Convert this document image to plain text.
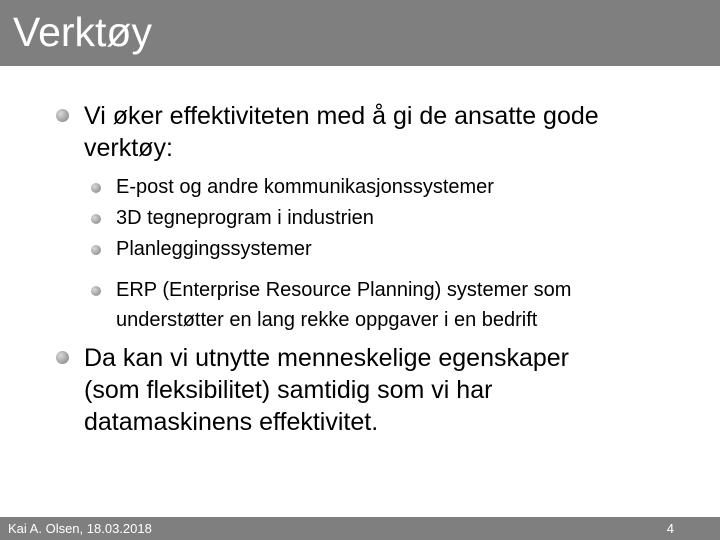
Verktøy
Vi øker effektiviteten med å gi de ansatte gode
verktøy:
E-post og andre kommunikasjonssystemer
3D tegneprogram i industrien
Planleggingssystemer
ERP (Enterprise Resource Planning) systemer som
understøtter en lang rekke oppgaver i en bedrift
Da kan vi utnytte menneskelige egenskaper
(som fleksibilitet) samtidig som vi har
datamaskinens effektivitet.
Kai A. Olsen, 18.03.2018	4
